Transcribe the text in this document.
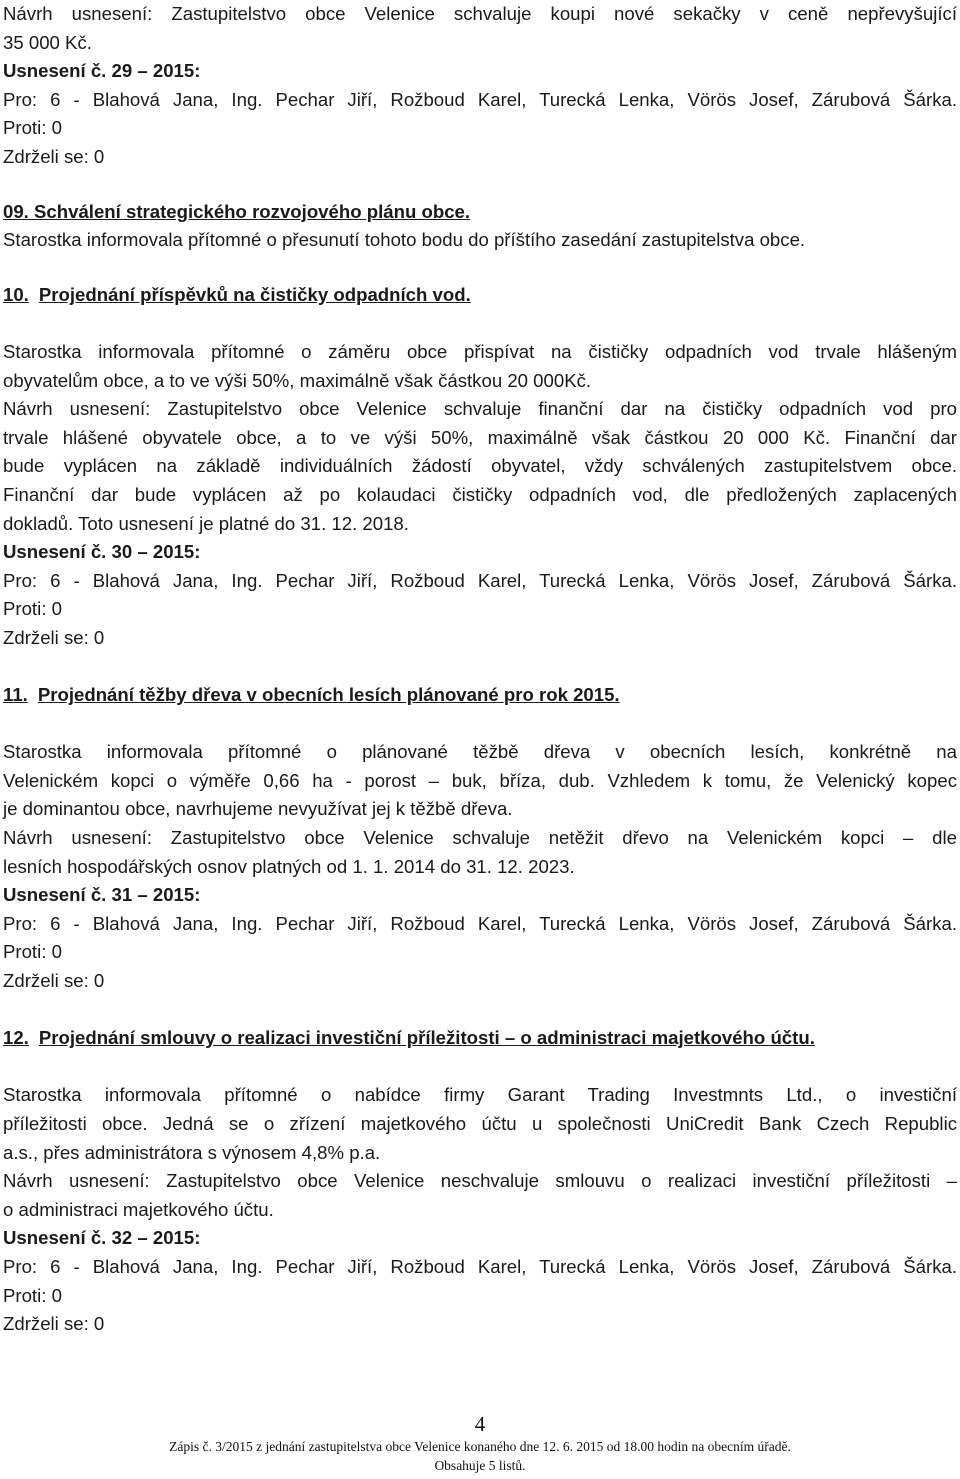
Návrh usnesení: Zastupitelstvo obce Velenice schvaluje koupi nové sekačky v ceně nepřevyšující

35 000 Kč.

Usnesení č. 29 – 2015:

Pro: 6 - Blahová Jana, Ing. Pechar Jiří, Rožboud Karel, Turecká Lenka, Vörös Josef, Zárubová Šárka.

Proti: 0

Zdrželi se: 0

09. Schválení strategického rozvojového plánu obce.

Starostka informovala přítomné o přesunutí tohoto bodu do příštího zasedání zastupitelstva obce.

10. Projednání příspěvků na čističky odpadních vod.

Starostka informovala přítomné o záměru obce přispívat na čističky odpadních vod trvale hlášeným

obyvatelům obce, a to ve výši 50%, maximálně však částkou 20 000Kč.

Návrh usnesení: Zastupitelstvo obce Velenice schvaluje finanční dar na čističky odpadních vod pro

trvale hlášené obyvatele obce, a to ve výši 50%, maximálně však částkou 20 000 Kč. Finanční dar

bude vyplácen na základě individuálních žádostí obyvatel, vždy schválených zastupitelstvem obce.

Finanční dar bude vyplácen až po kolaudaci čističky odpadních vod, dle předložených zaplacených

dokladů. Toto usnesení je platné do 31. 12. 2018.

Usnesení č. 30 – 2015:

Pro: 6 - Blahová Jana, Ing. Pechar Jiří, Rožboud Karel, Turecká Lenka, Vörös Josef, Zárubová Šárka.

Proti: 0

Zdrželi se: 0

11. Projednání těžby dřeva v obecních lesích plánované pro rok 2015.

Starostka informovala přítomné o plánované těžbě dřeva v obecních lesích, konkrétně na

Velenickém kopci o výměře 0,66 ha - porost – buk, bříza, dub. Vzhledem k tomu, že Velenický kopec

je dominantou obce, navrhujeme nevyužívat jej k těžbě dřeva.

Návrh usnesení: Zastupitelstvo obce Velenice schvaluje netěžit dřevo na Velenickém kopci – dle

lesních hospodářských osnov platných od 1. 1. 2014 do 31. 12. 2023.

Usnesení č. 31 – 2015:

Pro: 6 - Blahová Jana, Ing. Pechar Jiří, Rožboud Karel, Turecká Lenka, Vörös Josef, Zárubová Šárka.

Proti: 0

Zdrželi se: 0

12. Projednání smlouvy o realizaci investiční příležitosti – o administraci majetkového účtu.

Starostka informovala přítomné o nabídce firmy Garant Trading Investmnts Ltd., o investiční

příležitosti obce. Jedná se o zřízení majetkového účtu u společnosti UniCredit Bank Czech Republic

a.s., přes administrátora s výnosem 4,8% p.a.

Návrh usnesení: Zastupitelstvo obce Velenice neschvaluje smlouvu o realizaci investiční příležitosti –

o administraci majetkového účtu.

Usnesení č. 32 – 2015:

Pro: 6 - Blahová Jana, Ing. Pechar Jiří, Rožboud Karel, Turecká Lenka, Vörös Josef, Zárubová Šárka.

Proti: 0

Zdrželi se: 0

4
Zápis č. 3/2015 z jednání zastupitelstva obce Velenice konaného dne 12. 6. 2015 od 18.00 hodin na obecním úřadě.
Obsahuje 5 listů.
